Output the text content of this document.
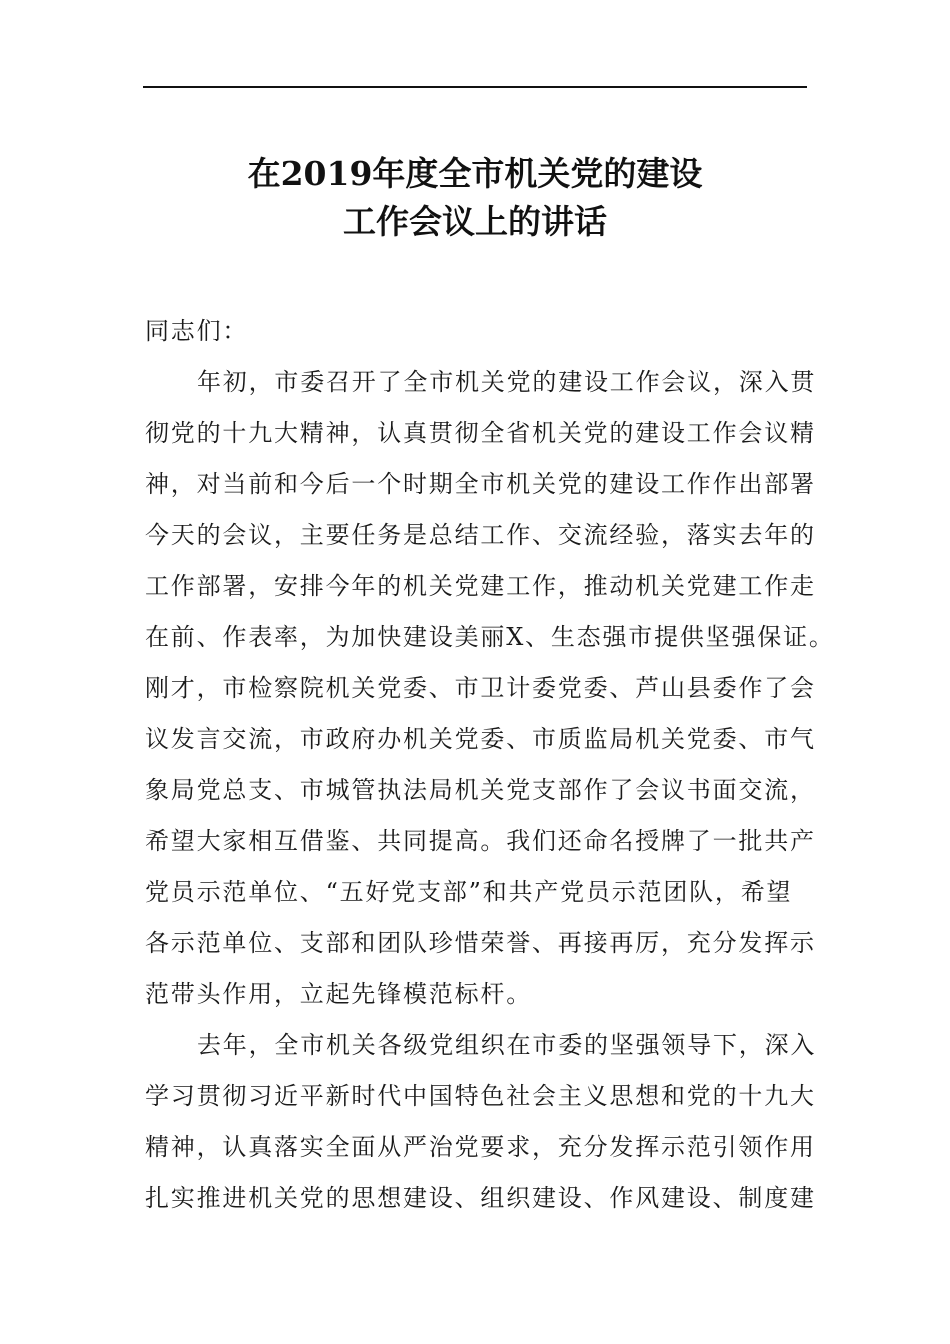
在2019年度全市机关党的建设
工作会议上的讲话
同志们：
年初，市委召开了全市机关党的建设工作会议，深入贯
彻党的十九大精神，认真贯彻全省机关党的建设工作会议精
神，对当前和今后一个时期全市机关党的建设工作作出部署
今天的会议，主要任务是总结工作、交流经验，落实去年的
工作部署，安排今年的机关党建工作，推动机关党建工作走
在前、作表率，为加快建设美丽X、生态强市提供坚强保证。
刚才，市检察院机关党委、市卫计委党委、芦山县委作了会
议发言交流，市政府办机关党委、市质监局机关党委、市气
象局党总支、市城管执法局机关党支部作了会议书面交流，
希望大家相互借鉴、共同提高。我们还命名授牌了一批共产
党员示范单位、“五好党支部”和共产党员示范团队，希望
各示范单位、支部和团队珍惜荣誉、再接再厉，充分发挥示
范带头作用，立起先锋模范标杆。
去年，全市机关各级党组织在市委的坚强领导下，深入
学习贯彻习近平新时代中国特色社会主义思想和党的十九大
精神，认真落实全面从严治党要求，充分发挥示范引领作用
扎实推进机关党的思想建设、组织建设、作风建设、制度建
